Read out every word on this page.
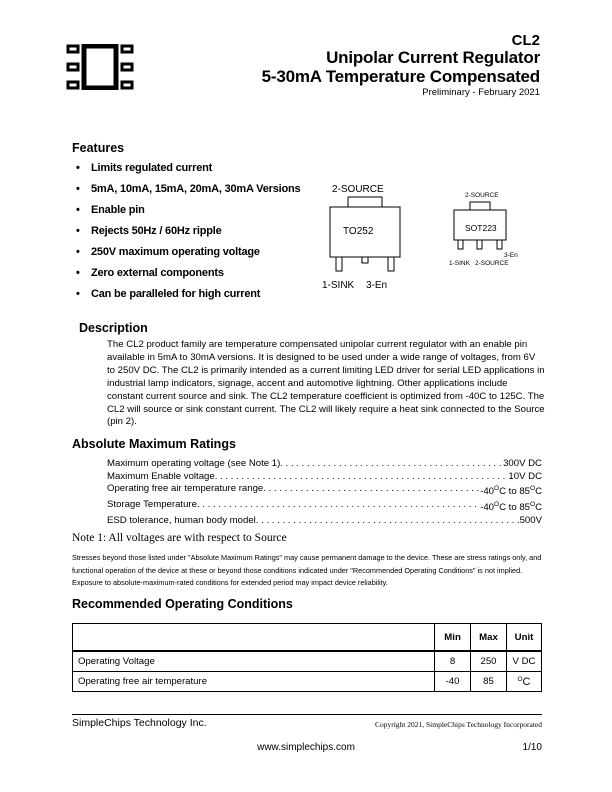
CL2
Unipolar Current Regulator
5-30mA Temperature Compensated
Preliminary - February 2021
Features
• Limits regulated current
• 5mA, 10mA, 15mA, 20mA, 30mA Versions
• Enable pin
• Rejects 50Hz / 60Hz ripple
• 250V maximum operating voltage
• Zero external components
• Can be paralleled for high current
2-SOURCE
TO252
1-SINK 3-En
2-SOURCE
SOT223
3-En
1-SINK 2-SOURCE
Description
The CL2 product family are temperature compensated unipolar current regulator with an enable pin available in 5mA to 30mA versions. It is designed to be used under a wide range of voltages, from 6V to 250V DC. The CL2 is primarily intended as a current limiting LED driver for serial LED applications in industrial lamp indicators, signage, accent and automotive lightning. Other applications include constant current source and sink. The CL2 temperature coefficient is optimized from -40C to 125C. The CL2 will source or sink constant current. The CL2 will likely require a heat sink connected to the Source (pin 2).
Absolute Maximum Ratings
Maximum operating voltage (see Note 1) . . .	300V DC
Maximum Enable voltage . . .	10V DC
Operating free air temperature range . . .	$-40^OC$ to $85^OC$
Storage Temperature . . .	$-40^OC$ to $85^OC$
ESD tolerance, human body model . . .	500V
Note 1: All voltages are with respect to Source
Stresses beyond those listed under "Absolute Maximum Ratings" may cause permanent damage to the device. These are stress ratings only, and functional operation of the device at these or beyond those conditions indicated under "Recommended Operating Conditions" is not implied. Exposure to absolute-maximum-rated conditions for extended period may impact device reliability.
Recommended Operating Conditions
	Min	Max	Unit
Operating Voltage	8	250	V DC
Operating free air temperature	-40	85	$^O$C
SimpleChips Technology Inc.	Copyright 2021, SimpleChips Technology Incorporated
www.simplechips.com	1/10
